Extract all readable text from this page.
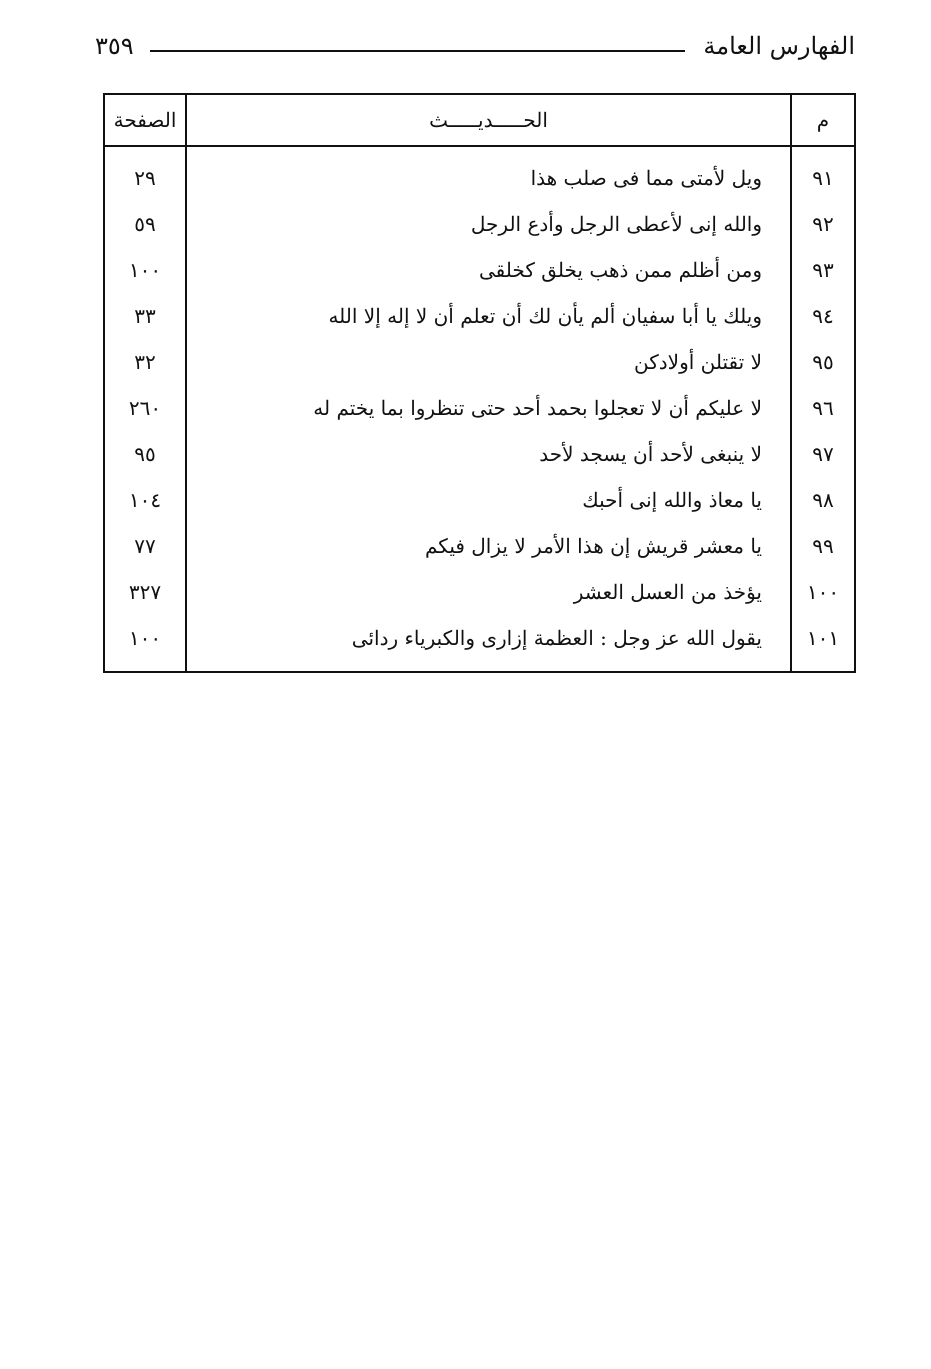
الفهارس العامة
٣٥٩
م	الحـــــديـــــث	الصفحة
٩١	ويل لأمتى مما فى صلب هذا	٢٩
٩٢	والله إنى لأعطى الرجل وأدع الرجل	٥٩
٩٣	ومن أظلم ممن ذهب يخلق كخلقى	١٠٠
٩٤	ويلك يا أبا سفيان ألم يأن لك أن تعلم أن لا إله إلا الله	٣٣
٩٥	لا تقتلن أولادكن	٣٢
٩٦	لا عليكم أن لا تعجلوا بحمد أحد حتى تنظروا بما يختم له	٢٦٠
٩٧	لا ينبغى لأحد أن يسجد لأحد	٩٥
٩٨	يا معاذ والله إنى أحبك	١٠٤
٩٩	يا معشر قريش إن هذا الأمر لا يزال فيكم	٧٧
١٠٠	يؤخذ من العسل العشر	٣٢٧
١٠١	يقول الله عز وجل : العظمة إزارى والكبرياء ردائى	١٠٠
